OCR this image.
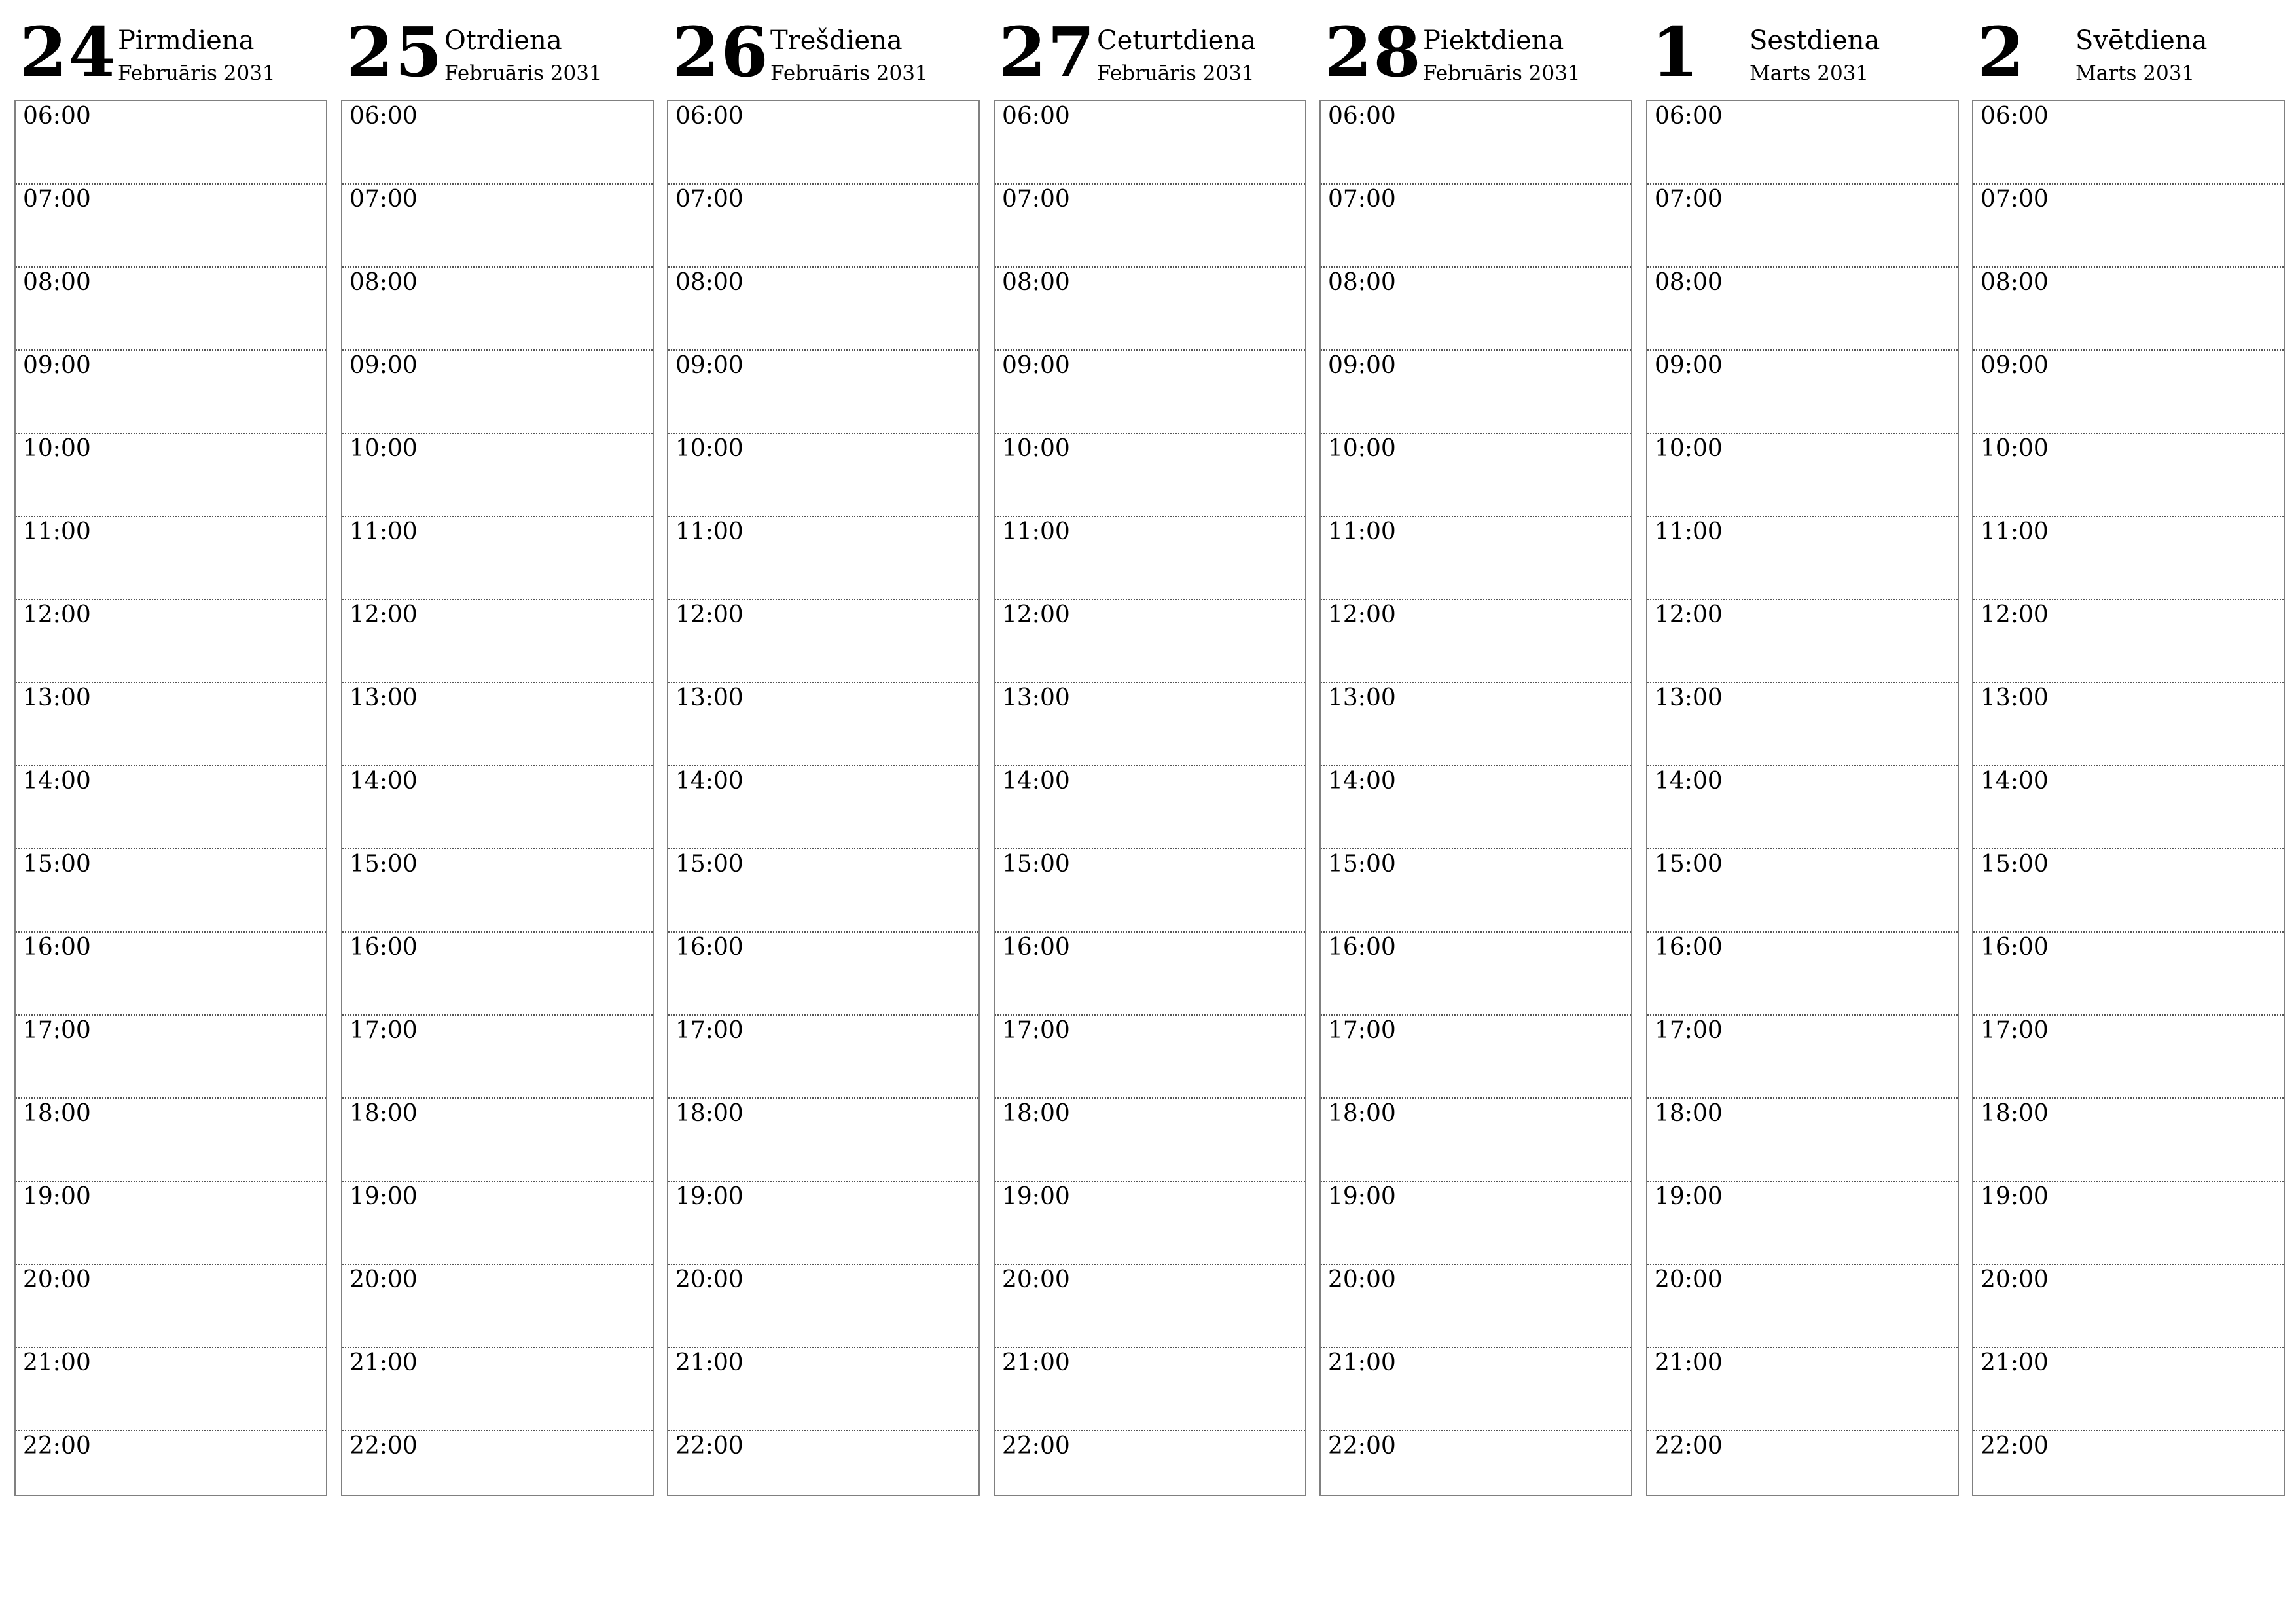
24 Pirmdiena
Februāris 2031
06:00
07:00
08:00
09:00
10:00
11:00
12:00
13:00
14:00
15:00
16:00
17:00
18:00
19:00
20:00
21:00
22:00
25 Otrdiena
Februāris 2031
06:00
07:00
08:00
09:00
10:00
11:00
12:00
13:00
14:00
15:00
16:00
17:00
18:00
19:00
20:00
21:00
22:00
26 Trešdiena
Februāris 2031
06:00
07:00
08:00
09:00
10:00
11:00
12:00
13:00
14:00
15:00
16:00
17:00
18:00
19:00
20:00
21:00
22:00
27 Ceturtdiena
Februāris 2031
06:00
07:00
08:00
09:00
10:00
11:00
12:00
13:00
14:00
15:00
16:00
17:00
18:00
19:00
20:00
21:00
22:00
28 Piektdiena
Februāris 2031
06:00
07:00
08:00
09:00
10:00
11:00
12:00
13:00
14:00
15:00
16:00
17:00
18:00
19:00
20:00
21:00
22:00
1 Sestdiena
Marts 2031
06:00
07:00
08:00
09:00
10:00
11:00
12:00
13:00
14:00
15:00
16:00
17:00
18:00
19:00
20:00
21:00
22:00
2 Svētdiena
Marts 2031
06:00
07:00
08:00
09:00
10:00
11:00
12:00
13:00
14:00
15:00
16:00
17:00
18:00
19:00
20:00
21:00
22:00
